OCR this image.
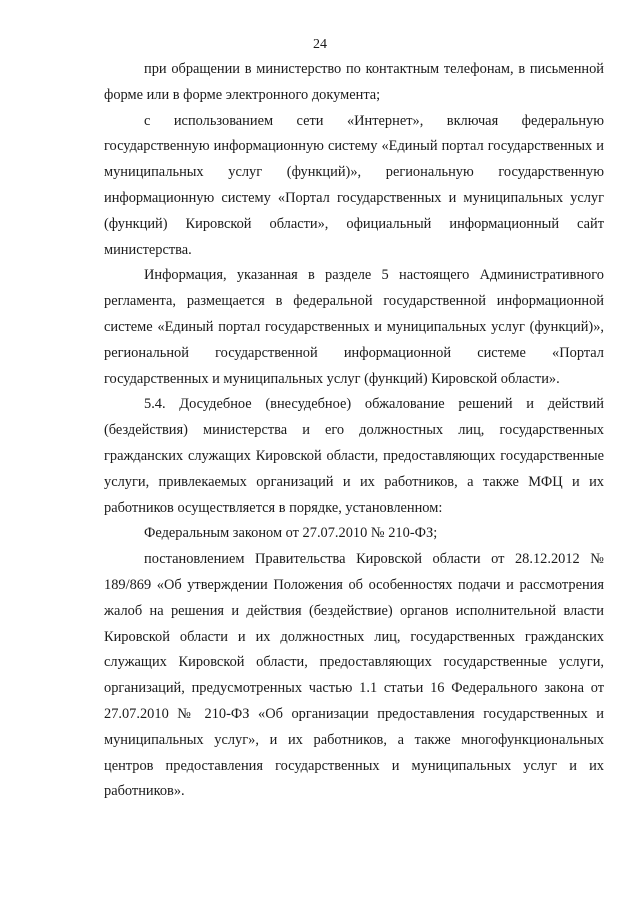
24

при обращении в министерство по контактным телефонам, в письменной форме или в форме электронного документа;

с использованием сети «Интернет», включая федеральную государственную информационную систему «Единый портал государственных и муниципальных услуг (функций)», региональную государственную информационную систему «Портал государственных и муниципальных услуг (функций) Кировской области», официальный информационный сайт министерства.

Информация, указанная в разделе 5 настоящего Административного регламента, размещается в федеральной государственной информационной системе «Единый портал государственных и муниципальных услуг (функций)», региональной государственной информационной системе «Портал государственных и муниципальных услуг (функций) Кировской области».

5.4. Досудебное (внесудебное) обжалование решений и действий (бездействия) министерства и его должностных лиц, государственных гражданских служащих Кировской области, предоставляющих государственные услуги, привлекаемых организаций и их работников, а также МФЦ и их работников осуществляется в порядке, установленном:

Федеральным законом от 27.07.2010 № 210-ФЗ;

постановлением Правительства Кировской области от 28.12.2012 № 189/869 «Об утверждении Положения об особенностях подачи и рассмотрения жалоб на решения и действия (бездействие) органов исполнительной власти Кировской области и их должностных лиц, государственных гражданских служащих Кировской области, предоставляющих государственные услуги, организаций, предусмотренных частью 1.1 статьи 16 Федерального закона от 27.07.2010 № 210-ФЗ «Об организации предоставления государственных и муниципальных услуг», и их работников, а также многофункциональных центров предоставления государственных и муниципальных услуг и их работников».
